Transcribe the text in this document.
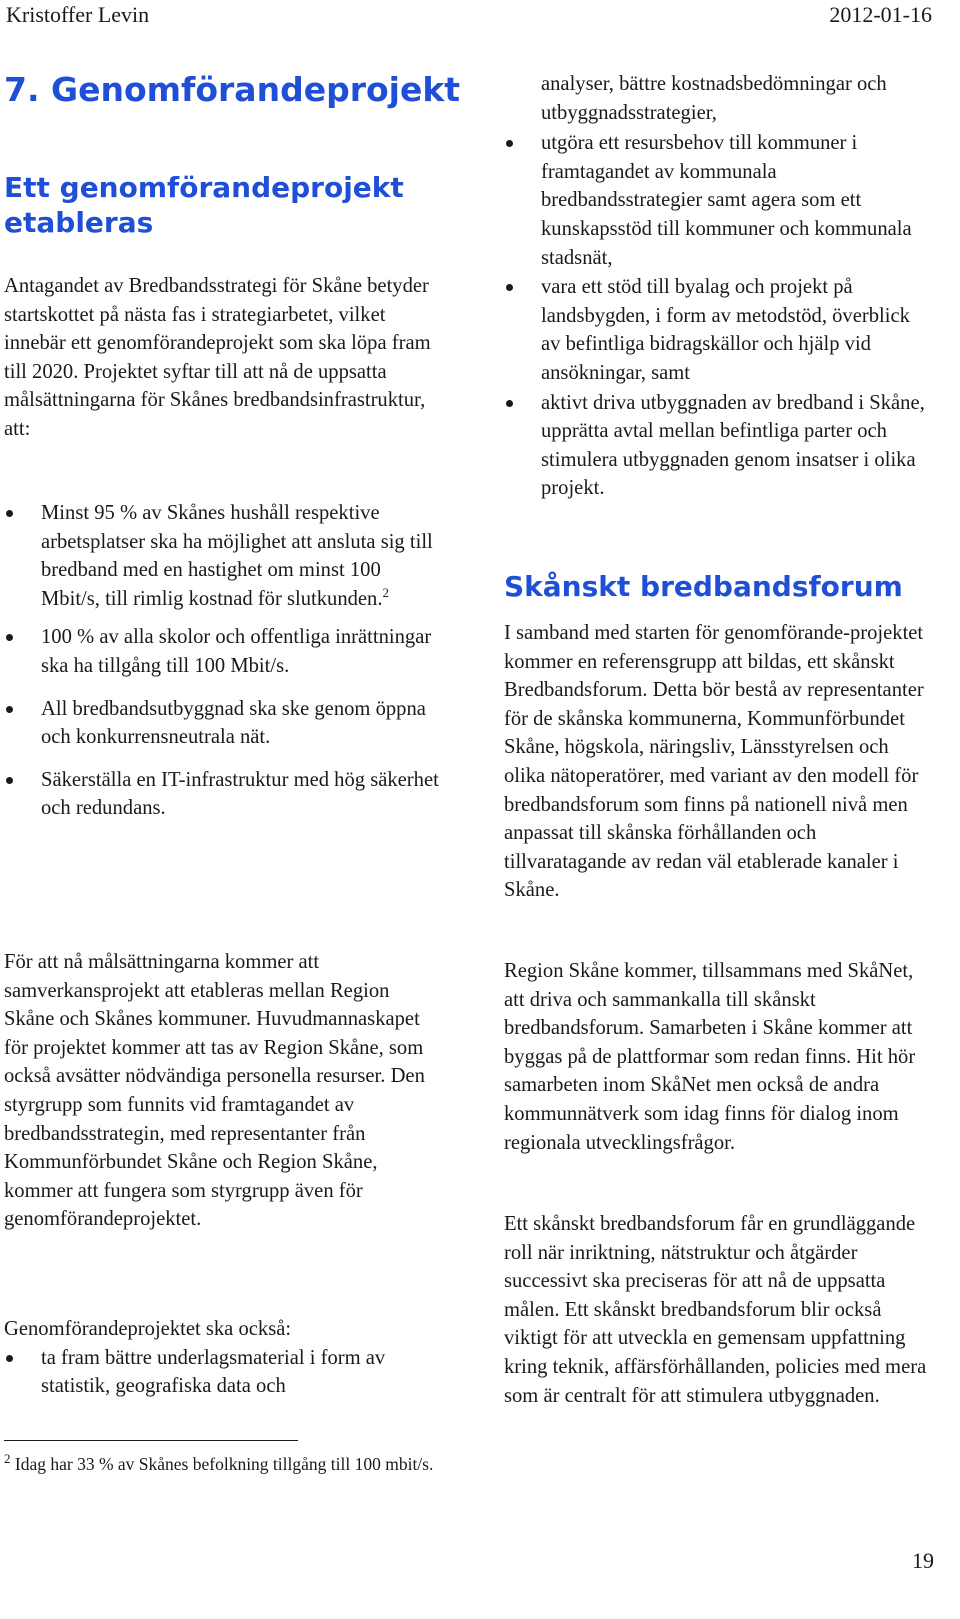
Kristoffer Levin	2012-01-16
7. Genomförandeprojekt
Ett genomförandeprojekt etableras

Antagandet av Bredbandsstrategi för Skåne betyder startskottet på nästa fas i strategiarbetet, vilket innebär ett genomförandeprojekt som ska löpa fram till 2020. Projektet syftar till att nå de uppsatta målsättningarna för Skånes bredbandsinfrastruktur, att:

Minst 95 % av Skånes hushåll respektive arbetsplatser ska ha möjlighet att ansluta sig till bredband med en hastighet om minst 100 Mbit/s, till rimlig kostnad för slutkunden.$^2$
100 % av alla skolor och offentliga inrättningar ska ha tillgång till 100 Mbit/s.
All bredbandsutbyggnad ska ske genom öppna och konkurrensneutrala nät.
Säkerställa en IT-infrastruktur med hög säkerhet och redundans.

För att nå målsättningarna kommer att samverkansprojekt att etableras mellan Region Skåne och Skånes kommuner. Huvudmannaskapet för projektet kommer att tas av Region Skåne, som också avsätter nödvändiga personella resurser. Den styrgrupp som funnits vid framtagandet av bredbandsstrategin, med representanter från Kommunförbundet Skåne och Region Skåne, kommer att fungera som styrgrupp även för genomförandeprojektet.

Genomförandeprojektet ska också:

ta fram bättre underlagsmaterial i form av statistik, geografiska data och
$^2$ Idag har 33 % av Skånes befolkning tillgång till 100 mbit/s.

analyser, bättre kostnadsbedömningar och utbyggnadsstrategier,

utgöra ett resursbehov till kommuner i framtagandet av kommunala bredbandsstrategier samt agera som ett kunskapsstöd till kommuner och kommunala stadsnät,
vara ett stöd till byalag och projekt på landsbygden, i form av metodstöd, överblick av befintliga bidragskällor och hjälp vid ansökningar, samt
aktivt driva utbyggnaden av bredband i Skåne, upprätta avtal mellan befintliga parter och stimulera utbyggnaden genom insatser i olika projekt.
Skånskt bredbandsforum

I samband med starten för genomförande-projektet kommer en referensgrupp att bildas, ett skånskt Bredbandsforum. Detta bör bestå av representanter för de skånska kommunerna, Kommunförbundet Skåne, högskola, näringsliv, Länsstyrelsen och olika nätoperatörer, med variant av den modell för bredbandsforum som finns på nationell nivå men anpassat till skånska förhållanden och tillvaratagande av redan väl etablerade kanaler i Skåne.

Region Skåne kommer, tillsammans med SkåNet, att driva och sammankalla till skånskt bredbandsforum. Samarbeten i Skåne kommer att byggas på de plattformar som redan finns. Hit hör samarbeten inom SkåNet men också de andra kommunnätverk som idag finns för dialog inom regionala utvecklingsfrågor.

Ett skånskt bredbandsforum får en grundläggande roll när inriktning, nätstruktur och åtgärder successivt ska preciseras för att nå de uppsatta målen. Ett skånskt bredbandsforum blir också viktigt för att utveckla en gemensam uppfattning kring teknik, affärsförhållanden, policies med mera som är centralt för att stimulera utbyggnaden.

19
